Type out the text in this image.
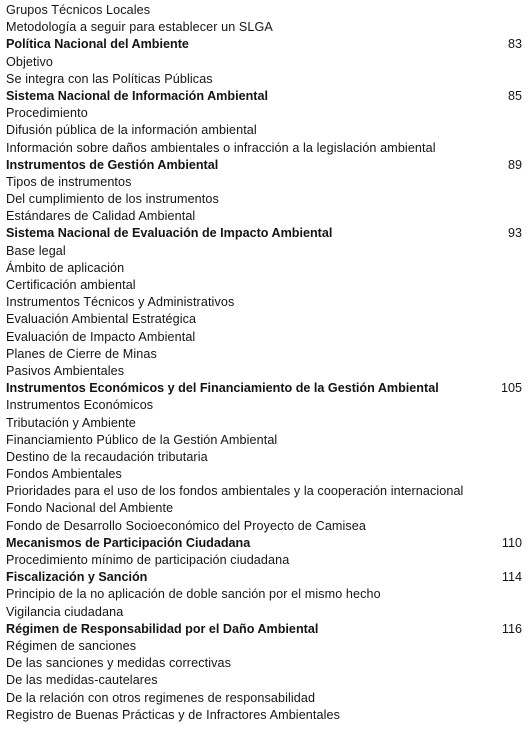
Grupos Técnicos Locales
Metodología a seguir para establecer un SLGA
Política Nacional del Ambiente	83
Objetivo
Se integra con las Políticas Públicas
Sistema Nacional de Información Ambiental	85
Procedimiento
Difusión pública de la información ambiental
Información sobre daños ambientales o infracción a la legislación ambiental
Instrumentos de Gestión Ambiental	89
Tipos de instrumentos
Del cumplimiento de los instrumentos
Estándares de Calidad Ambiental
Sistema Nacional de Evaluación de Impacto Ambiental	93
Base legal
Ámbito de aplicación
Certificación ambiental
Instrumentos Técnicos y Administrativos
Evaluación Ambiental Estratégica
Evaluación de Impacto Ambiental
Planes de Cierre de Minas
Pasivos Ambientales
Instrumentos Económicos y del Financiamiento de la Gestión Ambiental	105
Instrumentos Económicos
Tributación y Ambiente
Financiamiento Público de la Gestión Ambiental
Destino de la recaudación tributaria
Fondos Ambientales
Prioridades para el uso de los fondos ambientales y la cooperación internacional
Fondo Nacional del Ambiente
Fondo de Desarrollo Socioeconómico del Proyecto de Camisea
Mecanismos de Participación Ciudadana	110
Procedimiento mínimo de participación ciudadana
Fiscalización y Sanción	114
Principio de la no aplicación de doble sanción por el mismo hecho
Vigilancia ciudadana
Régimen de Responsabilidad por el Daño Ambiental	116
Régimen de sanciones
De las sanciones y medidas correctivas
De las medidas-cautelares
De la relación con otros regimenes de responsabilidad
Registro de Buenas Prácticas y de Infractores Ambientales
